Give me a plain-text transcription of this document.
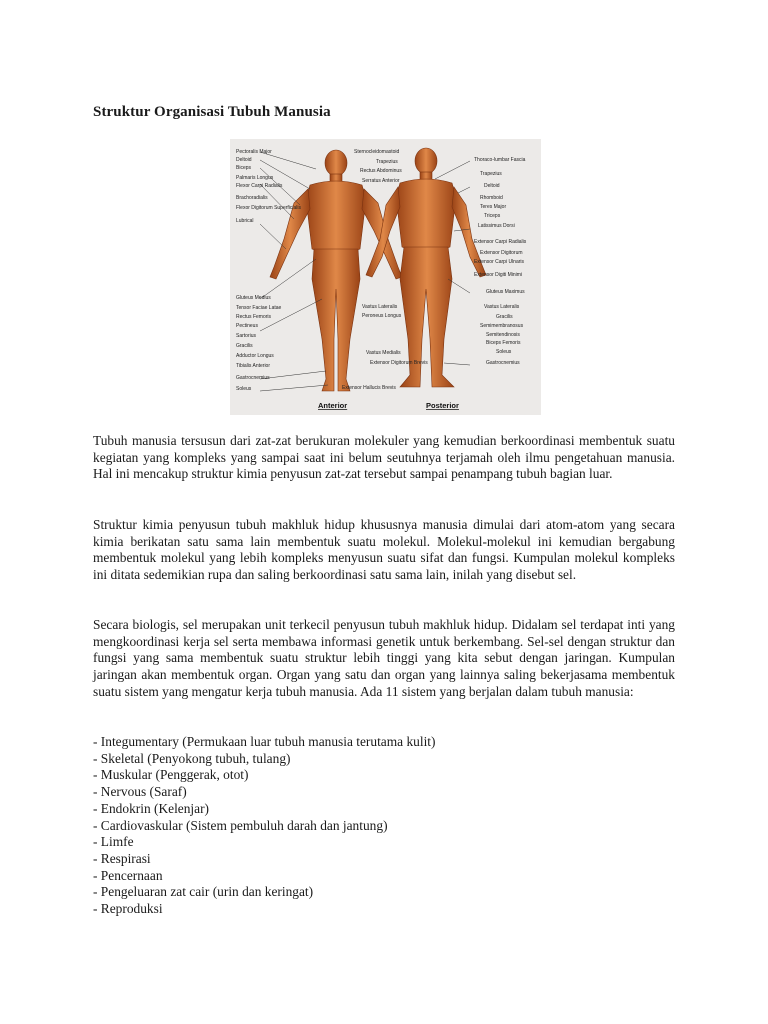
Struktur Organisasi Tubuh Manusia
Pectoralis Major
Deltoid
Biceps
Palmaris Longus
Flexor Carpi Radialis
Brachoradialis
Flexor Digitorum Superficialis
Lubrical
Gluteus Medius
Tensor Faciae Latae
Rectus Femoris
Pectineus
Sartorius
Gracilis
Adductor Longus
Tibialis Anterior
Gastrocnemius
Soleus
Sternocleidomastoid
Trapezius
Rectus Abdominus
Serratus Anterior
Vastus Lateralis
Peroneus Longus
Vastus Medialis
Extensor Digitorum Brevis
Extensor Hallucis Brevis
Thoraco-lumbar Fascia
Trapezius
Deltoid
Rhomboid
Teres Major
Triceps
Latissimus Dorsi
Extensor Carpi Radialis
Extensor Digitorum
Extensor Carpi Ulnaris
Extensor Digiti Minimi
Gluteus Maximus
Vastus Lateralis
Gracilis
Semimembranosus
Semitendinosis
Biceps Femoris
Soleus
Gastrocnemius
Anterior	Posterior

Tubuh manusia tersusun dari zat-zat berukuran molekuler yang kemudian berkoordinasi membentuk suatu kegiatan yang kompleks yang sampai saat ini belum seutuhnya terjamah oleh ilmu pengetahuan manusia. Hal ini mencakup struktur kimia penyusun zat-zat tersebut sampai penampang tubuh bagian luar.

Struktur kimia penyusun tubuh makhluk hidup khususnya manusia dimulai dari atom-atom yang secara kimia berikatan satu sama lain membentuk suatu molekul. Molekul-molekul ini kemudian bergabung membentuk molekul yang lebih kompleks menyusun suatu sifat dan fungsi. Kumpulan molekul kompleks ini ditata sedemikian rupa dan saling berkoordinasi satu sama lain, inilah yang disebut sel.

Secara biologis, sel merupakan unit terkecil penyusun tubuh makhluk hidup. Didalam sel terdapat inti yang mengkoordinasi kerja sel serta membawa informasi genetik untuk berkembang. Sel-sel dengan struktur dan fungsi yang sama membentuk suatu struktur lebih tinggi yang kita sebut dengan jaringan. Kumpulan jaringan akan membentuk organ. Organ yang satu dan organ yang lainnya saling bekerjasama membentuk suatu sistem yang mengatur kerja tubuh manusia. Ada 11 sistem yang berjalan dalam tubuh manusia:

- Integumentary (Permukaan luar tubuh manusia terutama kulit)
- Skeletal (Penyokong tubuh, tulang)
- Muskular (Penggerak, otot)
- Nervous (Saraf)
- Endokrin (Kelenjar)
- Cardiovaskular (Sistem pembuluh darah dan jantung)
- Limfe
- Respirasi
- Pencernaan
- Pengeluaran zat cair (urin dan keringat)
- Reproduksi
